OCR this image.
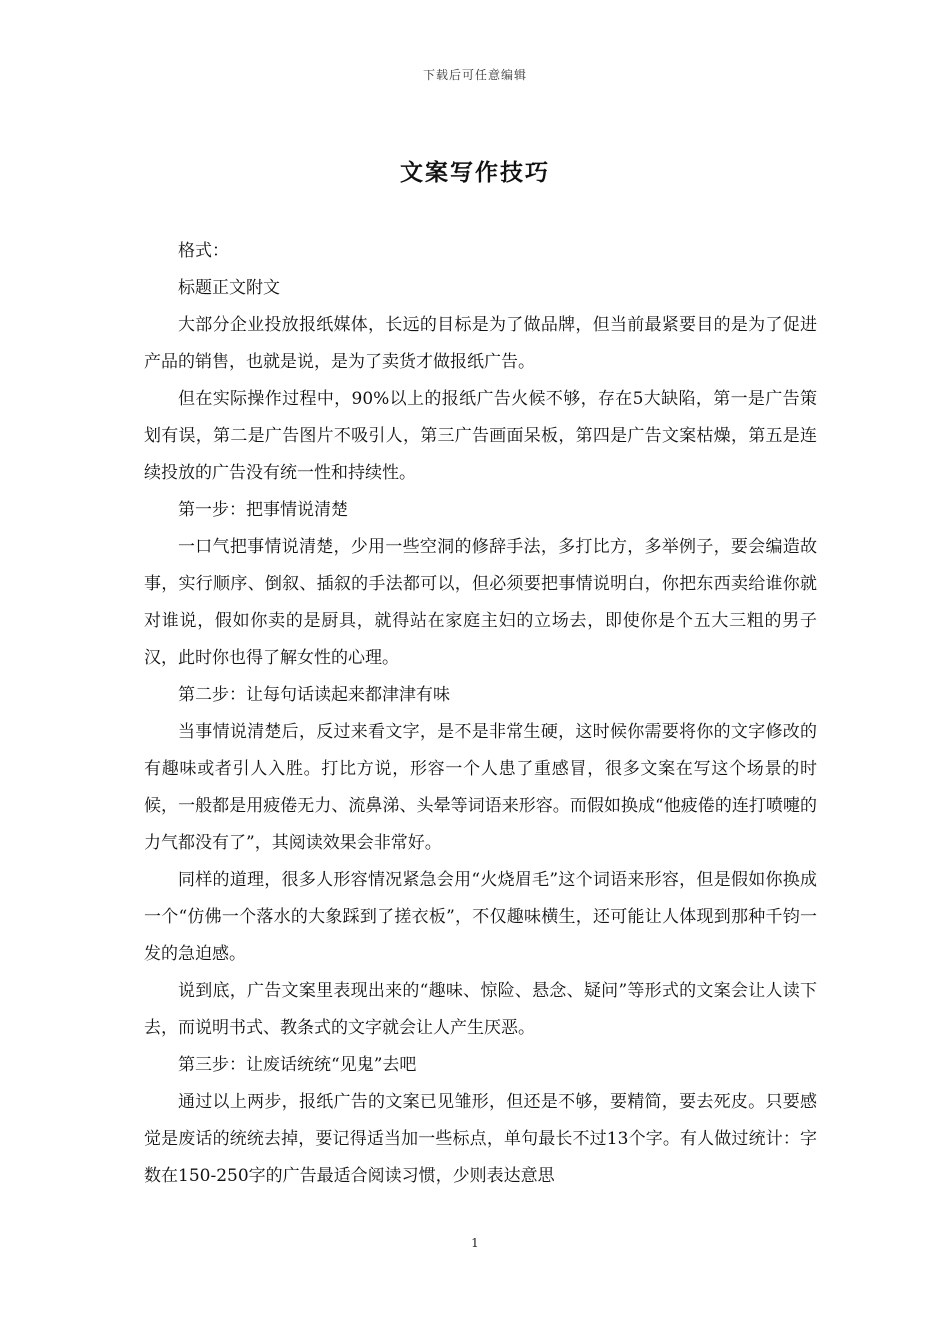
下载后可任意编辑
文案写作技巧

格式：

标题正文附文

大部分企业投放报纸媒体，长远的目标是为了做品牌，但当前最紧要目的是为了促进产品的销售，也就是说，是为了卖货才做报纸广告。

但在实际操作过程中，90%以上的报纸广告火候不够，存在5大缺陷，第一是广告策划有误，第二是广告图片不吸引人，第三广告画面呆板，第四是广告文案枯燥，第五是连续投放的广告没有统一性和持续性。

第一步：把事情说清楚

一口气把事情说清楚，少用一些空洞的修辞手法，多打比方，多举例子，要会编造故事，实行顺序、倒叙、插叙的手法都可以，但必须要把事情说明白，你把东西卖给谁你就对谁说，假如你卖的是厨具，就得站在家庭主妇的立场去，即使你是个五大三粗的男子汉，此时你也得了解女性的心理。

第二步：让每句话读起来都津津有味

当事情说清楚后，反过来看文字，是不是非常生硬，这时候你需要将你的文字修改的有趣味或者引人入胜。打比方说，形容一个人患了重感冒，很多文案在写这个场景的时候，一般都是用疲倦无力、流鼻涕、头晕等词语来形容。而假如换成“他疲倦的连打喷嚏的力气都没有了”，其阅读效果会非常好。

同样的道理，很多人形容情况紧急会用“火烧眉毛”这个词语来形容，但是假如你换成一个“仿佛一个落水的大象踩到了搓衣板”，不仅趣味横生，还可能让人体现到那种千钧一发的急迫感。

说到底，广告文案里表现出来的“趣味、惊险、悬念、疑问”等形式的文案会让人读下去，而说明书式、教条式的文字就会让人产生厌恶。

第三步：让废话统统“见鬼”去吧

通过以上两步，报纸广告的文案已见雏形，但还是不够，要精简，要去死皮。只要感觉是废话的统统去掉，要记得适当加一些标点，单句最长不过13个字。有人做过统计：字数在150-250字的广告最适合阅读习惯，少则表达意思

1
